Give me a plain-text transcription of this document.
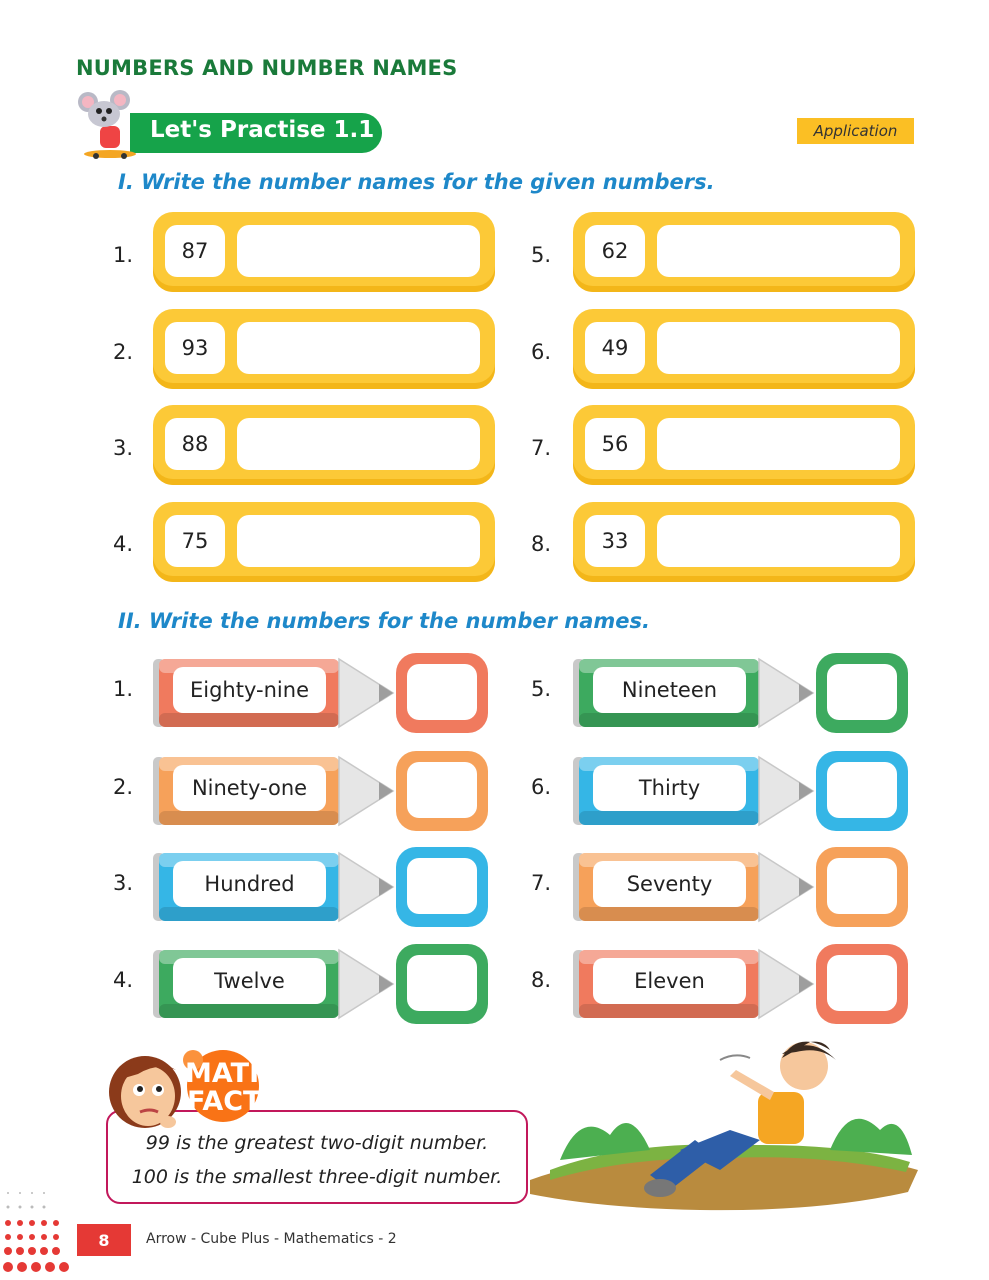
NUMBERS AND NUMBER NAMES
Let's Practise 1.1	Application
I. Write the number names for the given numbers.
1.	87
2.	93
3.	88
4.	75
5.	62
6.	49
7.	56
8.	33
II. Write the numbers for the number names.
1.	Eighty-nine
2.	Ninety-one
3.	Hundred
4.	Twelve
5.	Nineteen
6.	Thirty
7.	Seventy
8.	Eleven
99 is the greatest two-digit number.
100 is the smallest three-digit number.
MATH
FACT
8	Arrow - Cube Plus - Mathematics - 2
